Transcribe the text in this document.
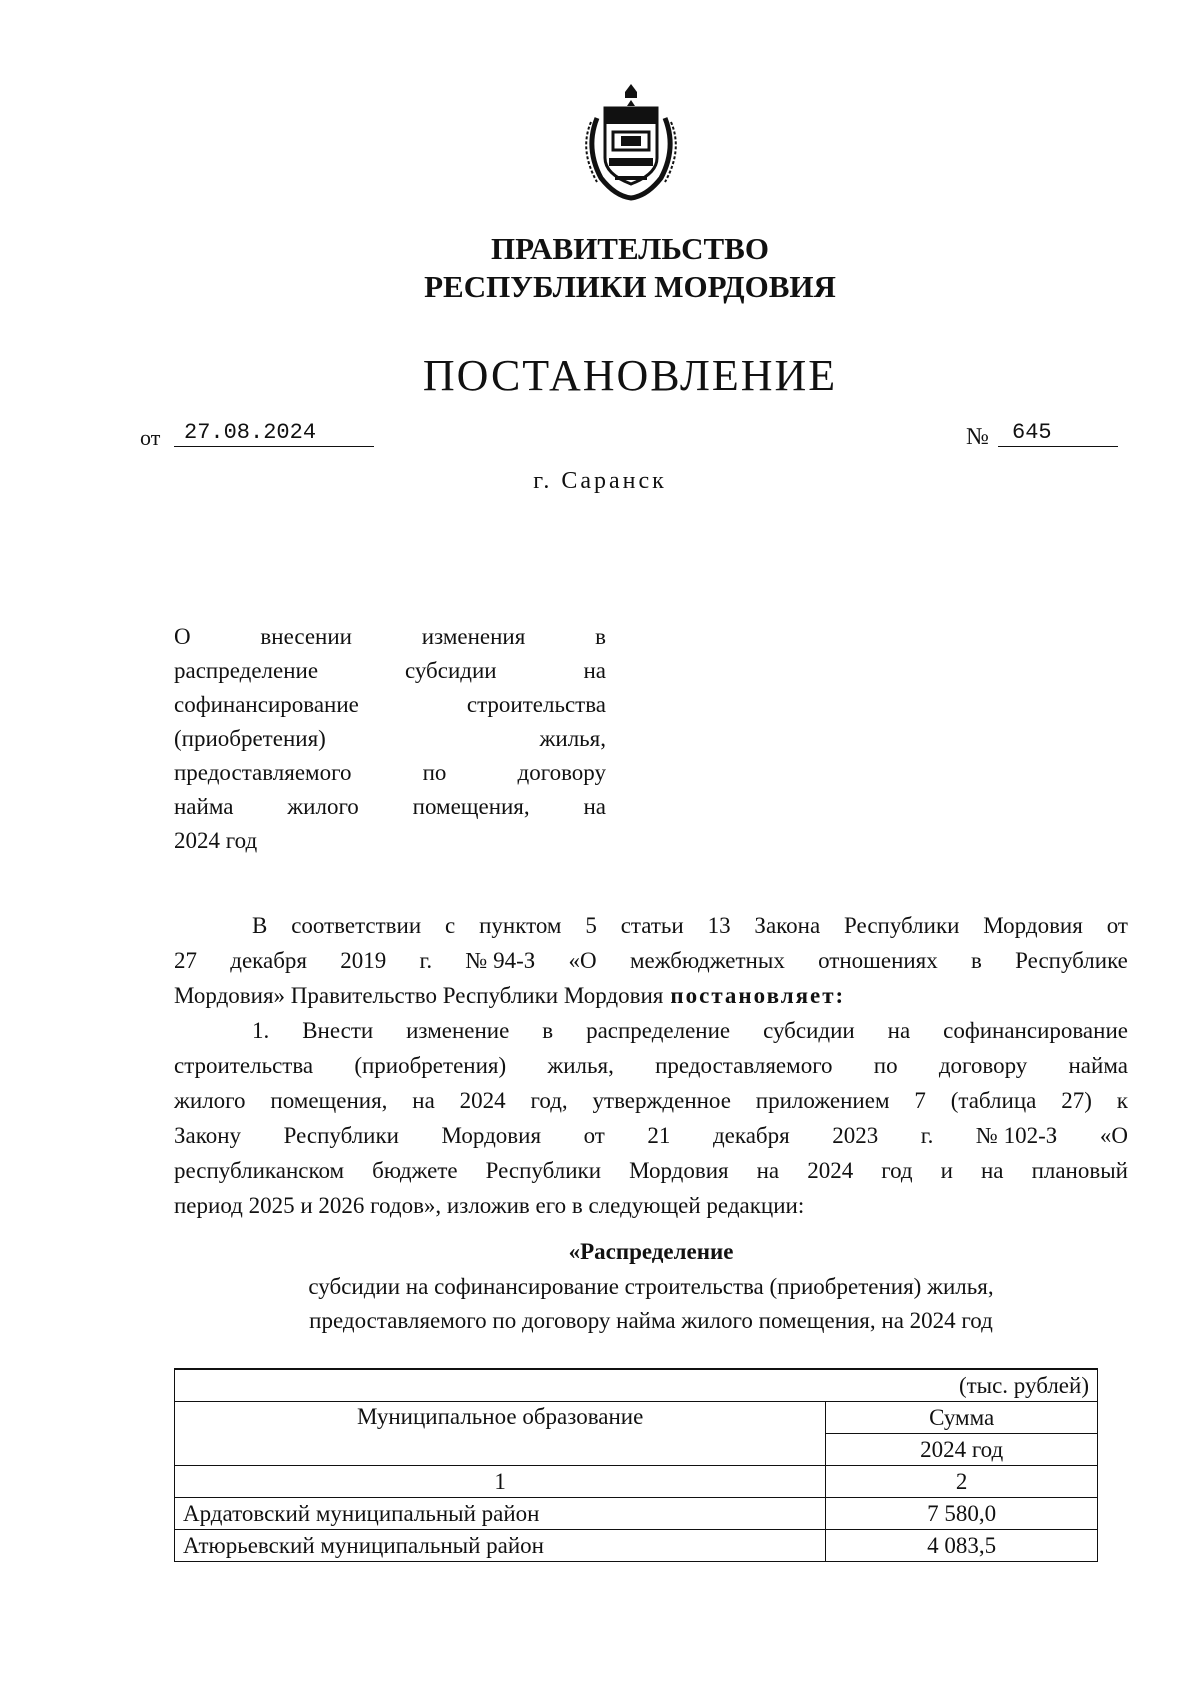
ПРАВИТЕЛЬСТВО
РЕСПУБЛИКИ МОРДОВИЯ
ПОСТАНОВЛЕНИЕ
от	27.08.2024	№	645
г. Саранск
О	внесении	изменения	в
распределение	субсидии	на
софинансирование	строительства
(приобретения)	жилья,
предоставляемого	по	договору
найма жилого помещения, на
2024 год
В соответствии с пунктом 5 статьи 13 Закона Республики Мордовия от
27 декабря 2019 г. № 94-З «О межбюджетных отношениях в Республике
Мордовия» Правительство Республики Мордовия постановляет:
1. Внести изменение в распределение субсидии на софинансирование
строительства (приобретения) жилья, предоставляемого по договору найма
жилого помещения, на 2024 год, утвержденное приложением 7 (таблица 27) к
Закону Республики Мордовия от 21 декабря 2023 г. № 102-З «О
республиканском бюджете Республики Мордовия на 2024 год и на плановый
период 2025 и 2026 годов», изложив его в следующей редакции:
«Распределение
субсидии на софинансирование строительства (приобретения) жилья,
предоставляемого по договору найма жилого помещения, на 2024 год
(тыс. рублей)	
Муниципальное образование	Сумма
	2024 год
1	2
Ардатовский муниципальный район	7 580,0
Атюрьевский муниципальный район	4 083,5
